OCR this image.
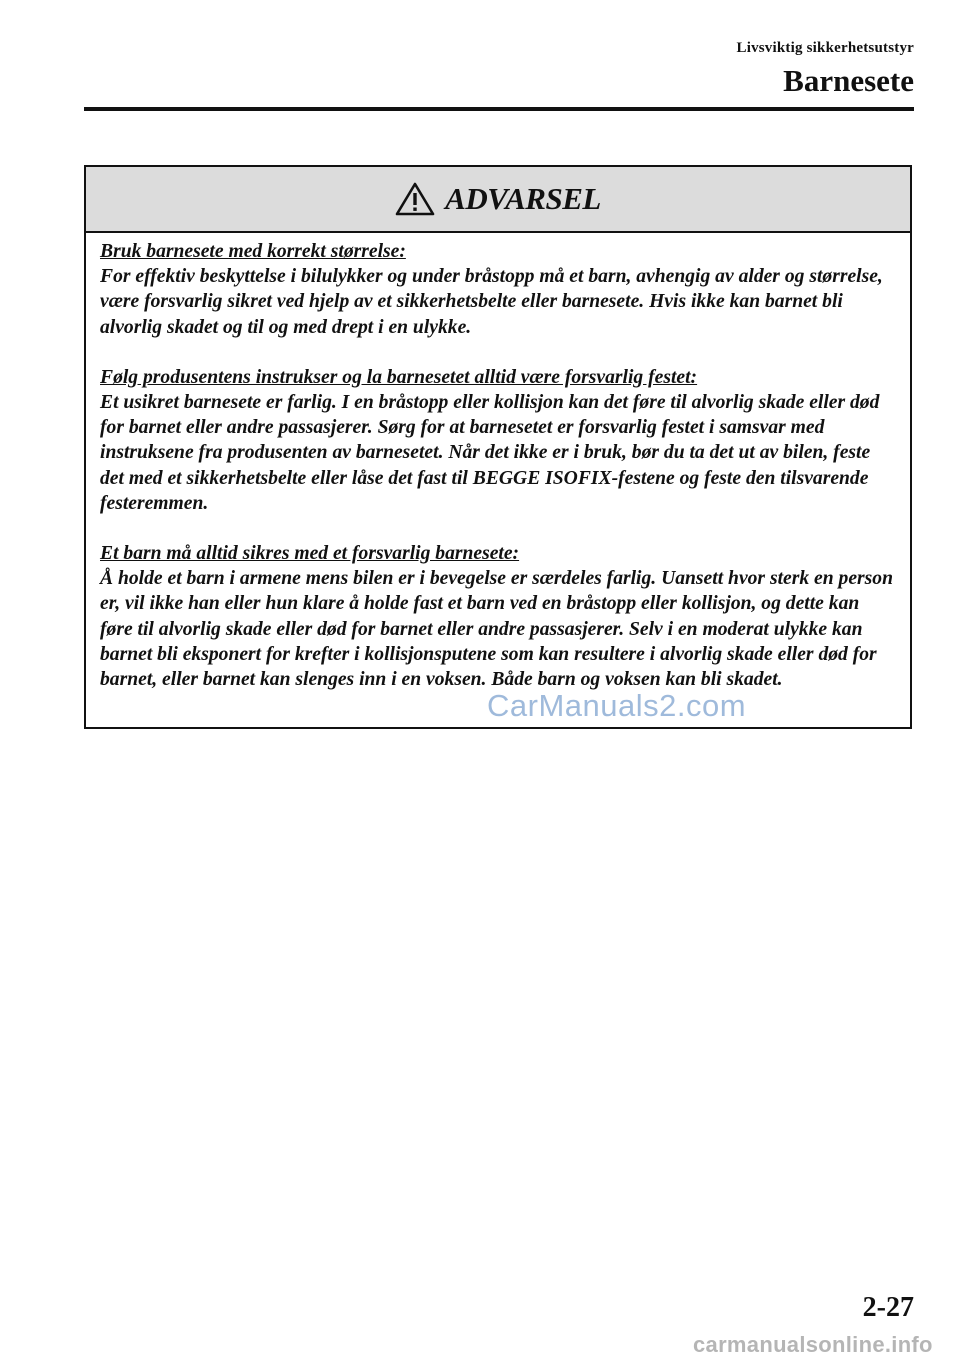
Livsviktig sikkerhetsutstyr
Barnesete
ADVARSEL

Bruk barnesete med korrekt størrelse:
For effektiv beskyttelse i bilulykker og under bråstopp må et barn, avhengig av alder og størrelse, være forsvarlig sikret ved hjelp av et sikkerhetsbelte eller barnesete. Hvis ikke kan barnet bli alvorlig skadet og til og med drept i en ulykke.

Følg produsentens instrukser og la barnesetet alltid være forsvarlig festet:
Et usikret barnesete er farlig. I en bråstopp eller kollisjon kan det føre til alvorlig skade eller død for barnet eller andre passasjerer. Sørg for at barnesetet er forsvarlig festet i samsvar med instruksene fra produsenten av barnesetet. Når det ikke er i bruk, bør du ta det ut av bilen, feste det med et sikkerhetsbelte eller låse det fast til BEGGE ISOFIX-festene og feste den tilsvarende festeremmen.

Et barn må alltid sikres med et forsvarlig barnesete:
Å holde et barn i armene mens bilen er i bevegelse er særdeles farlig. Uansett hvor sterk en person er, vil ikke han eller hun klare å holde fast et barn ved en bråstopp eller kollisjon, og dette kan føre til alvorlig skade eller død for barnet eller andre passasjerer. Selv i en moderat ulykke kan barnet bli eksponert for krefter i kollisjonsputene som kan resultere i alvorlig skade eller død for barnet, eller barnet kan slenges inn i en voksen. Både barn og voksen kan bli skadet.

CarManuals2.com
2-27
carmanualsonline.info
